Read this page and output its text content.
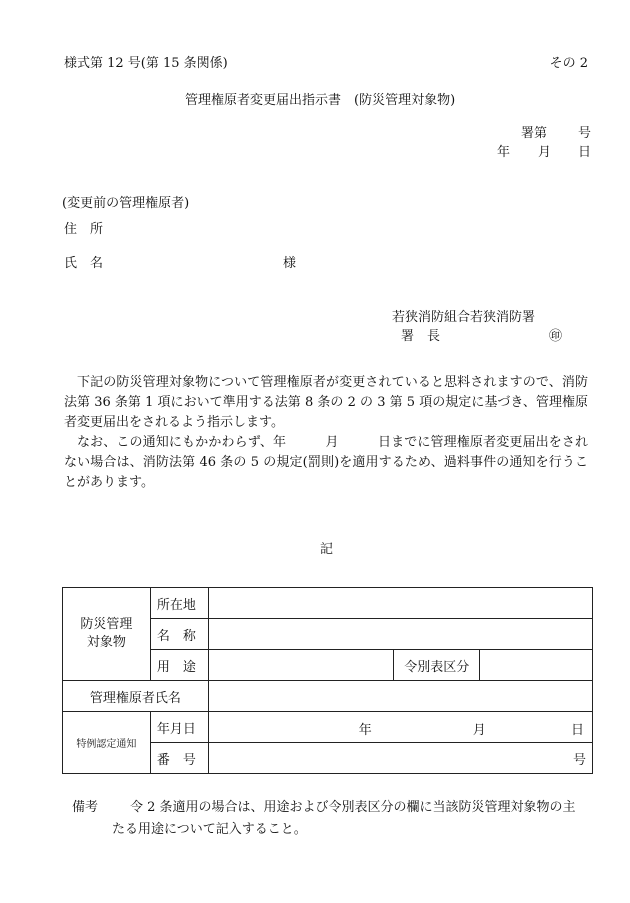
様式第 12 号(第 15 条関係)	その 2
管理権原者変更届出指示書　(防災管理対象物)
署第 号
年 月 日
(変更前の管理権原者)
住　所
氏　名	様
若狭消防組合若狭消防署
署　長	㊞

下記の防災管理対象物について管理権原者が変更されていると思料されますので、消防法第 36 条第 1 項において準用する法第 8 条の 2 の 3 第 5 項の規定に基づき、管理権原者変更届出をされるよう指示します。

なお、この通知にもかかわらず、年　　　月　　　日までに管理権原者変更届出をされない場合は、消防法第 46 条の 5 の規定(罰則)を適用するため、過料事件の通知を行うことがあります。

記
防災管理
対象物	所在地			
	名　称			
	用　途		令別表区分	
管理権原者氏名				
特例認定通知	年月日	年 月 日		

	番　号	号		
備考 令 2 条適用の場合は、用途および令別表区分の欄に当該防災管理対象物の主
たる用途について記入すること。
